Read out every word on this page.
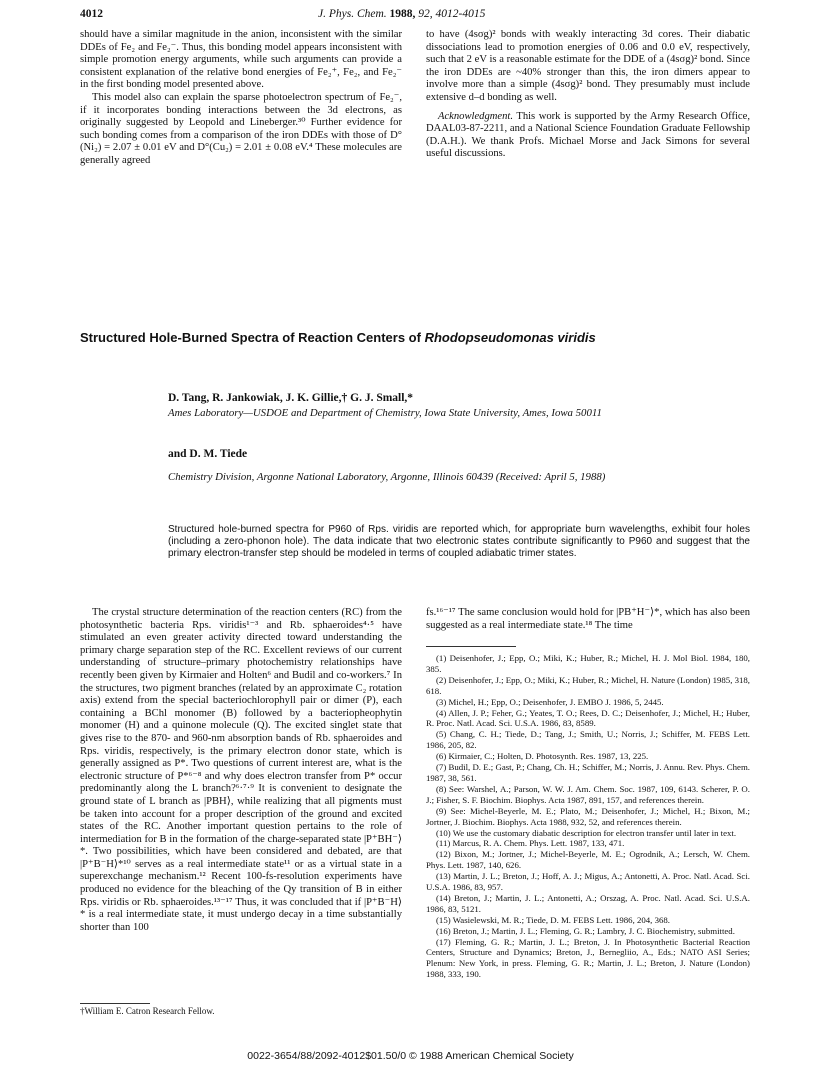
4012	J. Phys. Chem. 1988, 92, 4012-4015

should have a similar magnitude in the anion, inconsistent with the similar DDEs of Fe₂ and Fe₂⁻. Thus, this bonding model appears inconsistent with simple promotion energy arguments, while such arguments can provide a consistent explanation of the relative bond energies of Fe₂⁺, Fe₂, and Fe₂⁻ in the first bonding model presented above.

This model also can explain the sparse photoelectron spectrum of Fe₂⁻, if it incorporates bonding interactions between the 3d electrons, as originally suggested by Leopold and Lineberger.³⁰ Further evidence for such bonding comes from a comparison of the iron DDEs with those of D°(Ni₂) = 2.07 ± 0.01 eV and D°(Cu₂) = 2.01 ± 0.08 eV.⁴ These molecules are generally agreed

to have (4sσg)² bonds with weakly interacting 3d cores. Their diabatic dissociations lead to promotion energies of 0.06 and 0.0 eV, respectively, such that 2 eV is a reasonable estimate for the DDE of a (4sσg)² bond. Since the iron DDEs are ~40% stronger than this, the iron dimers appear to involve more than a simple (4sσg)² bond. They presumably must include extensive d–d bonding as well.

Acknowledgment. This work is supported by the Army Research Office, DAAL03-87-2211, and a National Science Foundation Graduate Fellowship (D.A.H.). We thank Profs. Michael Morse and Jack Simons for several useful discussions.

Structured Hole-Burned Spectra of Reaction Centers of Rhodopseudomonas viridis
D. Tang, R. Jankowiak, J. K. Gillie,† G. J. Small,*
Ames Laboratory—USDOE and Department of Chemistry, Iowa State University, Ames, Iowa 50011
and D. M. Tiede
Chemistry Division, Argonne National Laboratory, Argonne, Illinois 60439 (Received: April 5, 1988)
Structured hole-burned spectra for P960 of Rps. viridis are reported which, for appropriate burn wavelengths, exhibit four holes (including a zero-phonon hole). The data indicate that two electronic states contribute significantly to P960 and suggest that the primary electron-transfer step should be modeled in terms of coupled adiabatic trimer states.

The crystal structure determination of the reaction centers (RC) from the photosynthetic bacteria Rps. viridis¹⁻³ and Rb. sphaeroides⁴·⁵ have stimulated an even greater activity directed toward understanding the primary charge separation step of the RC. Excellent reviews of our current understanding of structure–primary photochemistry relationships have recently been given by Kirmaier and Holten⁶ and Budil and co-workers.⁷ In the structures, two pigment branches (related by an approximate C₂ rotation axis) extend from the special bacteriochlorophyll pair or dimer (P), each containing a BChl monomer (B) followed by a bacteriopheophytin monomer (H) and a quinone molecule (Q). The excited singlet state that gives rise to the 870- and 960-nm absorption bands of Rb. sphaeroides and Rps. viridis, respectively, is the primary electron donor state, which is generally assigned as P*. Two questions of current interest are, what is the electronic structure of P*⁶⁻⁸ and why does electron transfer from P* occur predominantly along the L branch?⁶·⁷·⁹ It is convenient to designate the ground state of L branch as |PBH⟩, while realizing that all pigments must be taken into account for a proper description of the ground and excited states of the RC. Another important question pertains to the role of intermediation for B in the formation of the charge-separated state |P⁺BH⁻⟩*. Two possibilities, which have been considered and debated, are that |P⁺B⁻H⟩*¹⁰ serves as a real intermediate state¹¹ or as a virtual state in a superexchange mechanism.¹² Recent 100-fs-resolution experiments have produced no evidence for the bleaching of the Qy transition of B in either Rps. viridis or Rb. sphaeroides.¹³⁻¹⁷ Thus, it was concluded that if |P⁺B⁻H⟩* is a real intermediate state, it must undergo decay in a time substantially shorter than 100

fs.¹⁶⁻¹⁷ The same conclusion would hold for |PB⁺H⁻⟩*, which has also been suggested as a real intermediate state.¹⁸ The time

(1) Deisenhofer, J.; Epp, O.; Miki, K.; Huber, R.; Michel, H. J. Mol Biol. 1984, 180, 385.
(2) Deisenhofer, J.; Epp, O.; Miki, K.; Huber, R.; Michel, H. Nature (London) 1985, 318, 618.
(3) Michel, H.; Epp, O.; Deisenhofer, J. EMBO J. 1986, 5, 2445.
(4) Allen, J. P.; Feher, G.; Yeates, T. O.; Rees, D. C.; Deisenhofer, J.; Michel, H.; Huber, R. Proc. Natl. Acad. Sci. U.S.A. 1986, 83, 8589.
(5) Chang, C. H.; Tiede, D.; Tang, J.; Smith, U.; Norris, J.; Schiffer, M. FEBS Lett. 1986, 205, 82.
(6) Kirmaier, C.; Holten, D. Photosynth. Res. 1987, 13, 225.
(7) Budil, D. E.; Gast, P.; Chang, Ch. H.; Schiffer, M.; Norris, J. Annu. Rev. Phys. Chem. 1987, 38, 561.
(8) See: Warshel, A.; Parson, W. W. J. Am. Chem. Soc. 1987, 109, 6143. Scherer, P. O. J.; Fisher, S. F. Biochim. Biophys. Acta 1987, 891, 157, and references therein.
(9) See: Michel-Beyerle, M. E.; Plato, M.; Deisenhofer, J.; Michel, H.; Bixon, M.; Jortner, J. Biochim. Biophys. Acta 1988, 932, 52, and references therein.
(10) We use the customary diabatic description for electron transfer until later in text.
(11) Marcus, R. A. Chem. Phys. Lett. 1987, 133, 471.
(12) Bixon, M.; Jortner, J.; Michel-Beyerle, M. E.; Ogrodnik, A.; Lersch, W. Chem. Phys. Lett. 1987, 140, 626.
(13) Martin, J. L.; Breton, J.; Hoff, A. J.; Migus, A.; Antonetti, A. Proc. Natl. Acad. Sci. U.S.A. 1986, 83, 957.
(14) Breton, J.; Martin, J. L.; Antonetti, A.; Orszag, A. Proc. Natl. Acad. Sci. U.S.A. 1986, 83, 5121.
(15) Wasielewski, M. R.; Tiede, D. M. FEBS Lett. 1986, 204, 368.
(16) Breton, J.; Martin, J. L.; Fleming, G. R.; Lambry, J. C. Biochemistry, submitted.
(17) Fleming, G. R.; Martin, J. L.; Breton, J. In Photosynthetic Bacterial Reaction Centers, Structure and Dynamics; Breton, J., Bernegliio, A., Eds.; NATO ASI Series; Plenum: New York, in press. Fleming, G. R.; Martin, J. L.; Breton, J. Nature (London) 1988, 333, 190.
†William E. Catron Research Fellow.
0022-3654/88/2092-4012$01.50/0 © 1988 American Chemical Society
